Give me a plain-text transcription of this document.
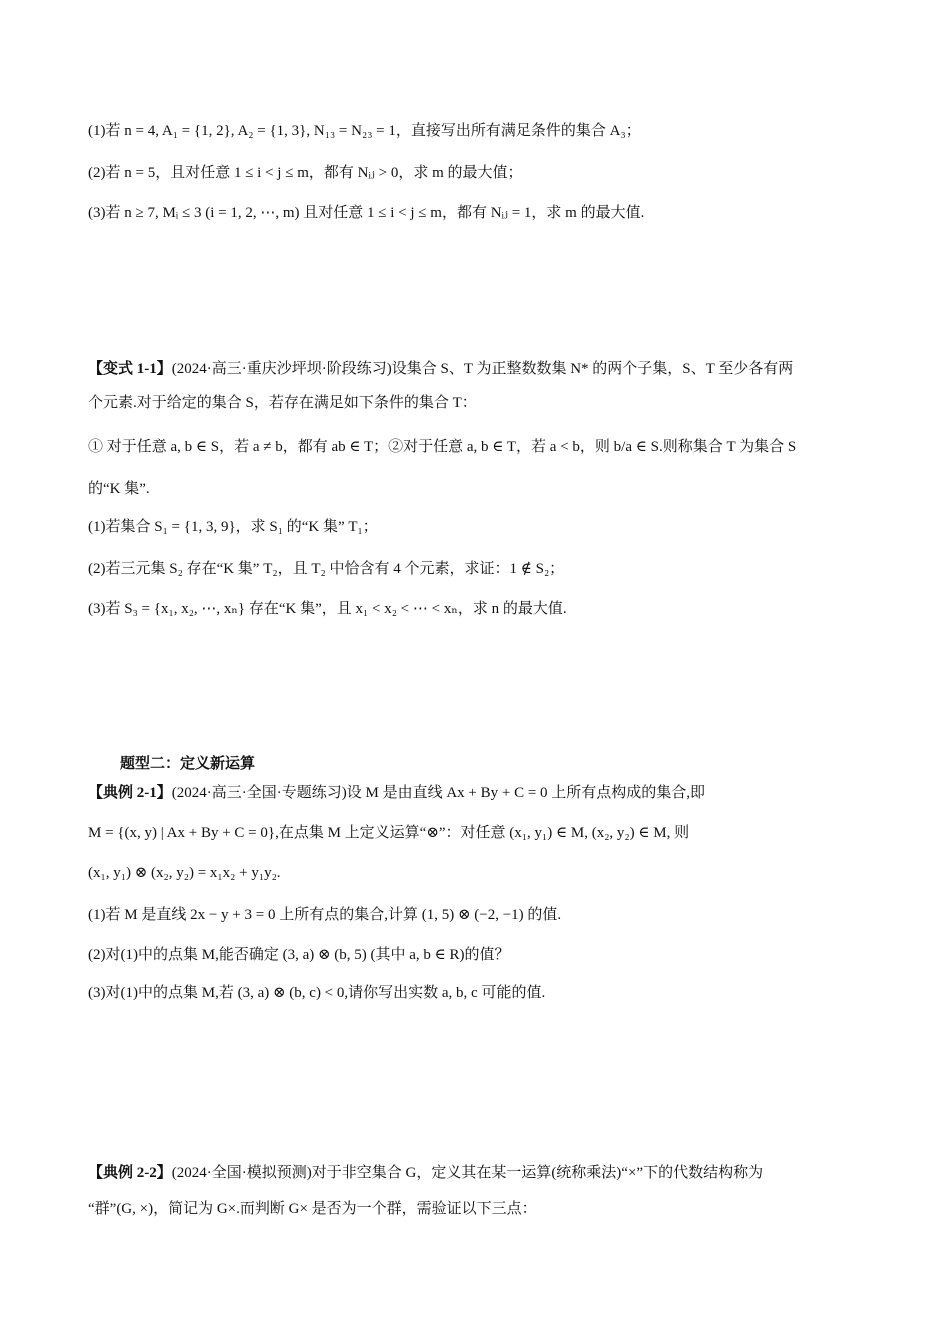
(1)若 n = 4, A₁ = {1, 2}, A₂ = {1, 3}, N₁₃ = N₂₃ = 1，直接写出所有满足条件的集合 A₃；
(2)若 n = 5，且对任意 1 ≤ i < j ≤ m，都有 Nᵢⱼ > 0，求 m 的最大值；
(3)若 n ≥ 7, Mᵢ ≤ 3 (i = 1, 2, ⋯, m) 且对任意 1 ≤ i < j ≤ m，都有 Nᵢⱼ = 1，求 m 的最大值.
【变式 1-1】(2024·高三·重庆沙坪坝·阶段练习)设集合 S、T 为正整数数集 N* 的两个子集，S、T 至少各有两
个元素.对于给定的集合 S，若存在满足如下条件的集合 T：
① 对于任意 a, b ∈ S，若 a ≠ b，都有 ab ∈ T；②对于任意 a, b ∈ T，若 a < b，则 b/a ∈ S.则称集合 T 为集合 S
的“K 集”.
(1)若集合 S₁ = {1, 3, 9}，求 S₁ 的“K 集” T₁；
(2)若三元集 S₂ 存在“K 集” T₂，且 T₂ 中恰含有 4 个元素，求证：1 ∉ S₂；
(3)若 S₃ = {x₁, x₂, ⋯, xₙ} 存在“K 集”，且 x₁ < x₂ < ⋯ < xₙ，求 n 的最大值.
题型二：定义新运算
【典例 2-1】(2024·高三·全国·专题练习)设 M 是由直线 Ax + By + C = 0 上所有点构成的集合,即
M = {(x, y) | Ax + By + C = 0},在点集 M 上定义运算“⊗”：对任意 (x₁, y₁) ∈ M, (x₂, y₂) ∈ M, 则
(x₁, y₁) ⊗ (x₂, y₂) = x₁x₂ + y₁y₂.
(1)若 M 是直线 2x − y + 3 = 0 上所有点的集合,计算 (1, 5) ⊗ (−2, −1) 的值.
(2)对(1)中的点集 M,能否确定 (3, a) ⊗ (b, 5) (其中 a, b ∈ R)的值？
(3)对(1)中的点集 M,若 (3, a) ⊗ (b, c) < 0,请你写出实数 a, b, c 可能的值.
【典例 2-2】(2024·全国·模拟预测)对于非空集合 G，定义其在某一运算(统称乘法)“×”下的代数结构称为
“群”(G, ×)，简记为 G×.而判断 G× 是否为一个群，需验证以下三点：
